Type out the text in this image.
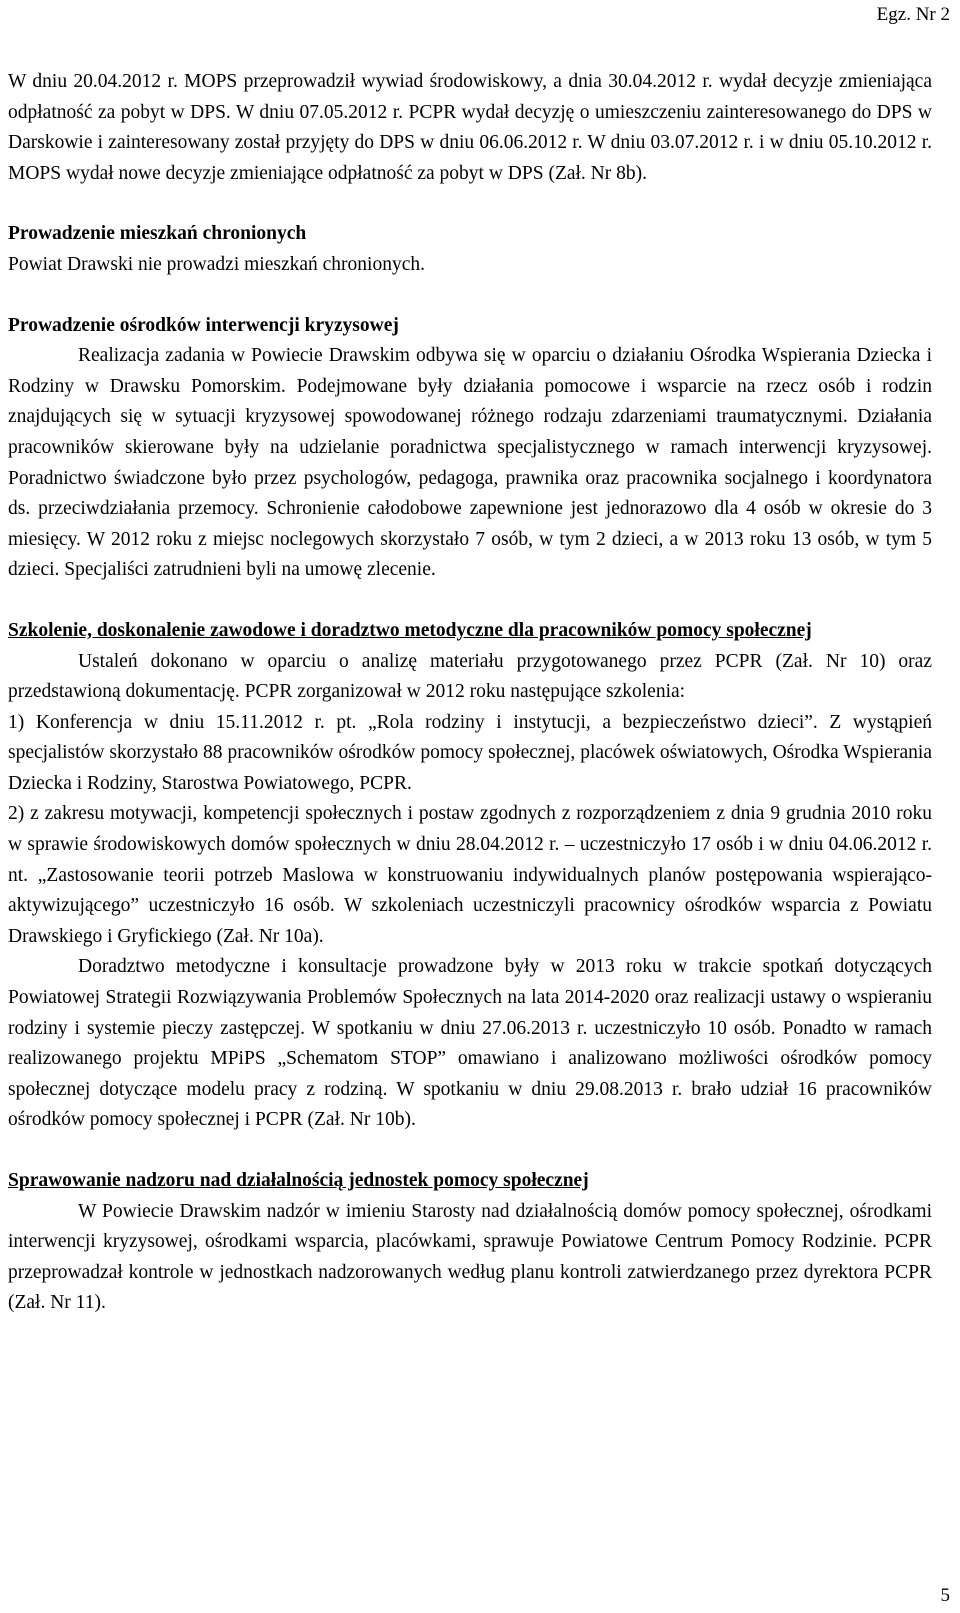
Egz. Nr 2

W dniu 20.04.2012 r. MOPS przeprowadził wywiad środowiskowy, a dnia 30.04.2012 r. wydał decyzje zmieniająca odpłatność za pobyt w DPS. W dniu 07.05.2012 r. PCPR wydał decyzję o umieszczeniu zainteresowanego do DPS w Darskowie i zainteresowany został przyjęty do DPS w dniu 06.06.2012 r. W dniu 03.07.2012 r. i w dniu 05.10.2012 r. MOPS wydał nowe decyzje zmieniające odpłatność za pobyt w DPS (Zał. Nr 8b).

Prowadzenie mieszkań chronionych

Powiat Drawski nie prowadzi mieszkań chronionych.

Prowadzenie ośrodków interwencji kryzysowej

Realizacja zadania w Powiecie Drawskim odbywa się w oparciu o działaniu Ośrodka Wspierania Dziecka i Rodziny w Drawsku Pomorskim. Podejmowane były działania pomocowe i wsparcie na rzecz osób i rodzin znajdujących się w sytuacji kryzysowej spowodowanej różnego rodzaju zdarzeniami traumatycznymi. Działania pracowników skierowane były na udzielanie poradnictwa specjalistycznego w ramach interwencji kryzysowej. Poradnictwo świadczone było przez psychologów, pedagoga, prawnika oraz pracownika socjalnego i koordynatora ds. przeciwdziałania przemocy. Schronienie całodobowe zapewnione jest jednorazowo dla 4 osób w okresie do 3 miesięcy. W 2012 roku z miejsc noclegowych skorzystało 7 osób, w tym 2 dzieci, a w 2013 roku 13 osób, w tym 5 dzieci. Specjaliści zatrudnieni byli na umowę zlecenie.

Szkolenie, doskonalenie zawodowe i doradztwo metodyczne dla pracowników pomocy społecznej

Ustaleń dokonano w oparciu o analizę materiału przygotowanego przez PCPR (Zał. Nr 10) oraz przedstawioną dokumentację. PCPR zorganizował w 2012 roku następujące szkolenia:

1) Konferencja w dniu 15.11.2012 r. pt. „Rola rodziny i instytucji, a bezpieczeństwo dzieci”. Z wystąpień specjalistów skorzystało 88 pracowników ośrodków pomocy społecznej, placówek oświatowych, Ośrodka Wspierania Dziecka i Rodziny, Starostwa Powiatowego, PCPR.

2) z zakresu motywacji, kompetencji społecznych i postaw zgodnych z rozporządzeniem z dnia 9 grudnia 2010 roku w sprawie środowiskowych domów społecznych w dniu 28.04.2012 r. – uczestniczyło 17 osób i w dniu 04.06.2012 r. nt. „Zastosowanie teorii potrzeb Maslowa w konstruowaniu indywidualnych planów postępowania wspierająco-aktywizującego” uczestniczyło 16 osób. W szkoleniach uczestniczyli pracownicy ośrodków wsparcia z Powiatu Drawskiego i Gryfickiego (Zał. Nr 10a).

Doradztwo metodyczne i konsultacje prowadzone były w 2013 roku w trakcie spotkań dotyczących Powiatowej Strategii Rozwiązywania Problemów Społecznych na lata 2014-2020 oraz realizacji ustawy o wspieraniu rodziny i systemie pieczy zastępczej. W spotkaniu w dniu 27.06.2013 r. uczestniczyło 10 osób. Ponadto w ramach realizowanego projektu MPiPS „Schematom STOP” omawiano i analizowano możliwości ośrodków pomocy społecznej dotyczące modelu pracy z rodziną. W spotkaniu w dniu 29.08.2013 r. brało udział 16 pracowników ośrodków pomocy społecznej i PCPR (Zał. Nr 10b).

Sprawowanie nadzoru nad działalnością jednostek pomocy społecznej

W Powiecie Drawskim nadzór w imieniu Starosty nad działalnością domów pomocy społecznej, ośrodkami interwencji kryzysowej, ośrodkami wsparcia, placówkami, sprawuje Powiatowe Centrum Pomocy Rodzinie. PCPR przeprowadzał kontrole w jednostkach nadzorowanych według planu kontroli zatwierdzanego przez dyrektora PCPR (Zał. Nr 11).

5
